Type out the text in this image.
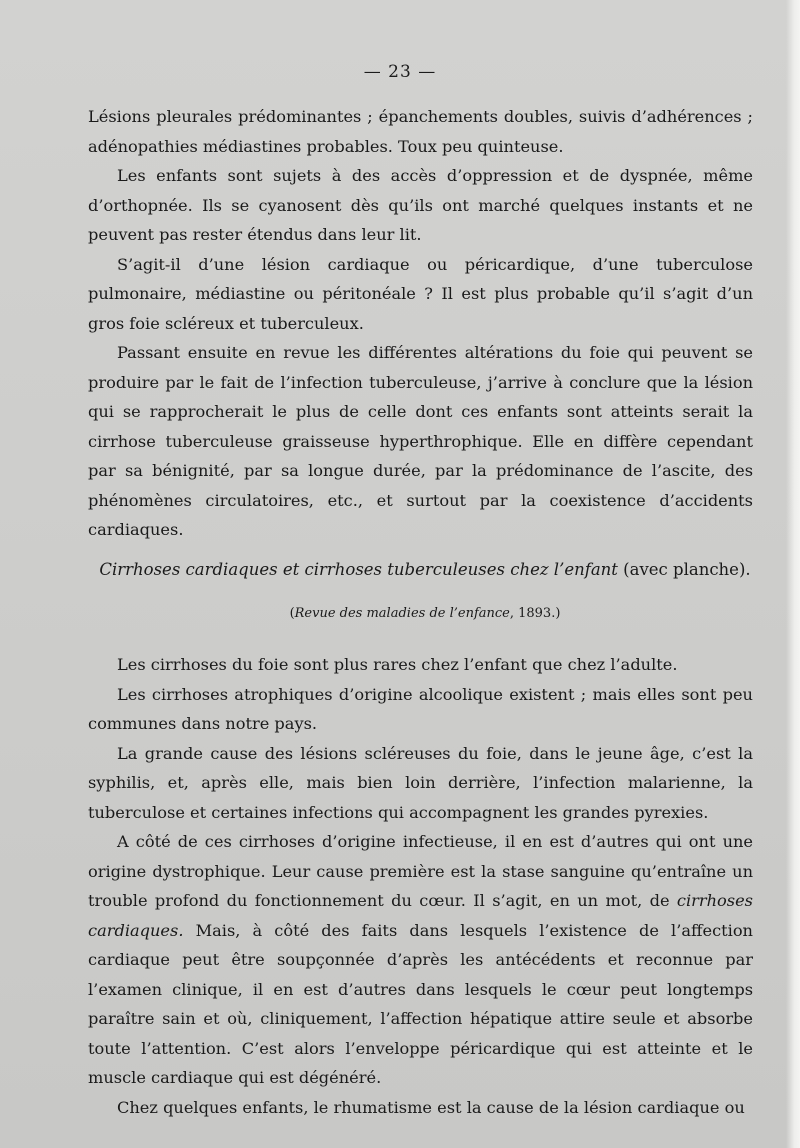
— 23 —

Lésions pleurales prédominantes ; épanchements doubles, suivis d’adhérences ; adénopathies médiastines probables. Toux peu quinteuse.

Les enfants sont sujets à des accès d’oppression et de dyspnée, même d’orthopnée. Ils se cyanosent dès qu’ils ont marché quelques instants et ne peuvent pas rester étendus dans leur lit.

S’agit-il d’une lésion cardiaque ou péricardique, d’une tuberculose pulmonaire, médiastine ou péritonéale ? Il est plus probable qu’il s’agit d’un gros foie scléreux et tuberculeux.

Passant ensuite en revue les différentes altérations du foie qui peuvent se produire par le fait de l’infection tuberculeuse, j’arrive à conclure que la lésion qui se rapprocherait le plus de celle dont ces enfants sont atteints serait la cirrhose tuberculeuse graisseuse hyperthrophique. Elle en diffère cependant par sa bénignité, par sa longue durée, par la prédominance de l’ascite, des phénomènes circulatoires, etc., et surtout par la coexistence d’accidents cardiaques.

Cirrhoses cardiaques et cirrhoses tuberculeuses chez l’enfant (avec planche).
(Revue des maladies de l’enfance, 1893.)

Les cirrhoses du foie sont plus rares chez l’enfant que chez l’adulte.

Les cirrhoses atrophiques d’origine alcoolique existent ; mais elles sont peu communes dans notre pays.

La grande cause des lésions scléreuses du foie, dans le jeune âge, c’est la syphilis, et, après elle, mais bien loin derrière, l’infection malarienne, la tuberculose et certaines infections qui accompagnent les grandes pyrexies.

A côté de ces cirrhoses d’origine infectieuse, il en est d’autres qui ont une origine dystrophique. Leur cause première est la stase sanguine qu’entraîne un trouble profond du fonctionnement du cœur. Il s’agit, en un mot, de cirrhoses cardiaques. Mais, à côté des faits dans lesquels l’existence de l’affection cardiaque peut être soupçonnée d’après les antécédents et reconnue par l’examen clinique, il en est d’autres dans lesquels le cœur peut longtemps paraître sain et où, cliniquement, l’affection hépatique attire seule et absorbe toute l’attention. C’est alors l’enveloppe péricardique qui est atteinte et le muscle cardiaque qui est dégénéré.

Chez quelques enfants, le rhumatisme est la cause de la lésion cardiaque ou
